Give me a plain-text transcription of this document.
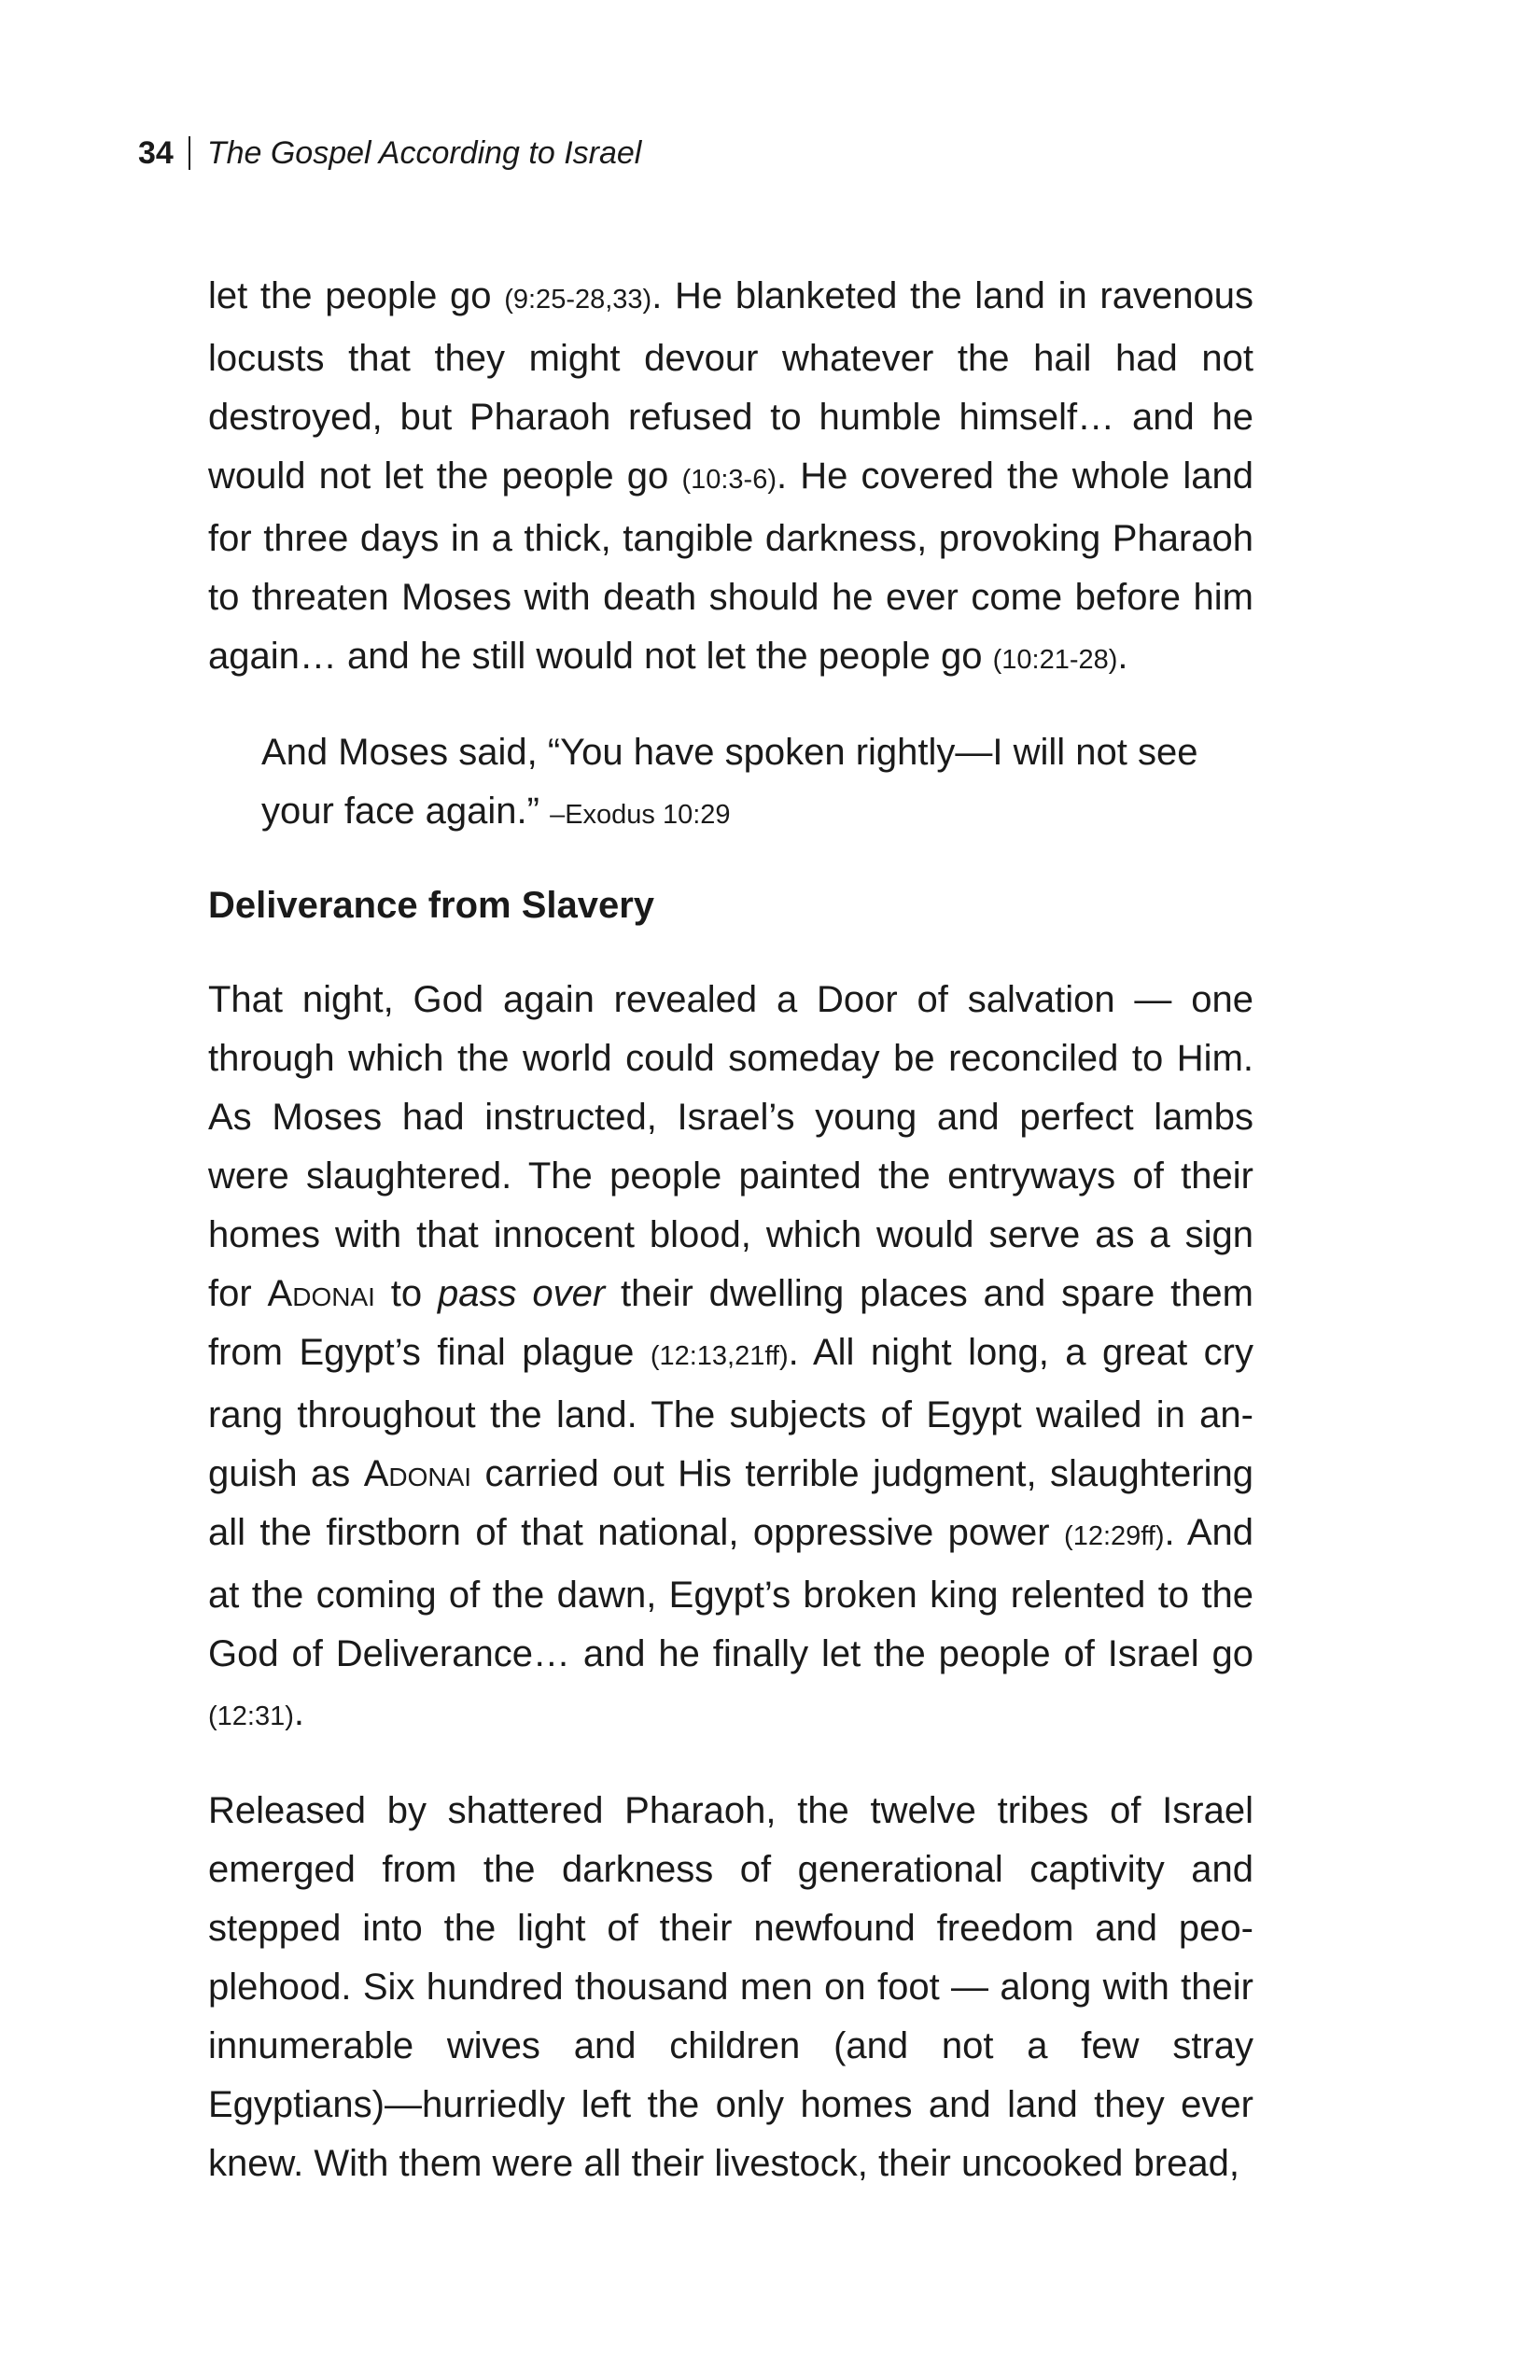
34 The Gospel According to Israel

let the people go (9:25-28,33). He blanketed the land in ravenous locusts that they might devour whatever the hail had not destroyed, but Pharaoh refused to humble himself… and he would not let the people go (10:3-6). He covered the whole land for three days in a thick, tangible darkness, provoking Pharaoh to threaten Moses with death should he ever come before him again… and he still would not let the people go (10:21-28).

And Moses said, “You have spoken rightly—I will not see your face again.” –Exodus 10:29
Deliverance from Slavery

That night, God again revealed a Door of salvation — one through which the world could someday be reconciled to Him. As Moses had instructed, Israel’s young and perfect lambs were slaughtered. The people painted the entryways of their homes with that innocent blood, which would serve as a sign for Adonai to pass over their dwelling places and spare them from Egypt’s final plague (12:13,21ff). All night long, a great cry rang throughout the land. The subjects of Egypt wailed in anguish as Adonai carried out His terrible judgment, slaughtering all the firstborn of that national, oppressive power (12:29ff). And at the coming of the dawn, Egypt’s broken king relented to the God of Deliverance… and he finally let the people of Israel go (12:31).

Released by shattered Pharaoh, the twelve tribes of Israel emerged from the darkness of generational captivity and stepped into the light of their newfound freedom and peoplehood. Six hundred thousand men on foot — along with their innumerable wives and children (and not a few stray Egyptians)—hurriedly left the only homes and land they ever knew. With them were all their livestock, their uncooked bread,
